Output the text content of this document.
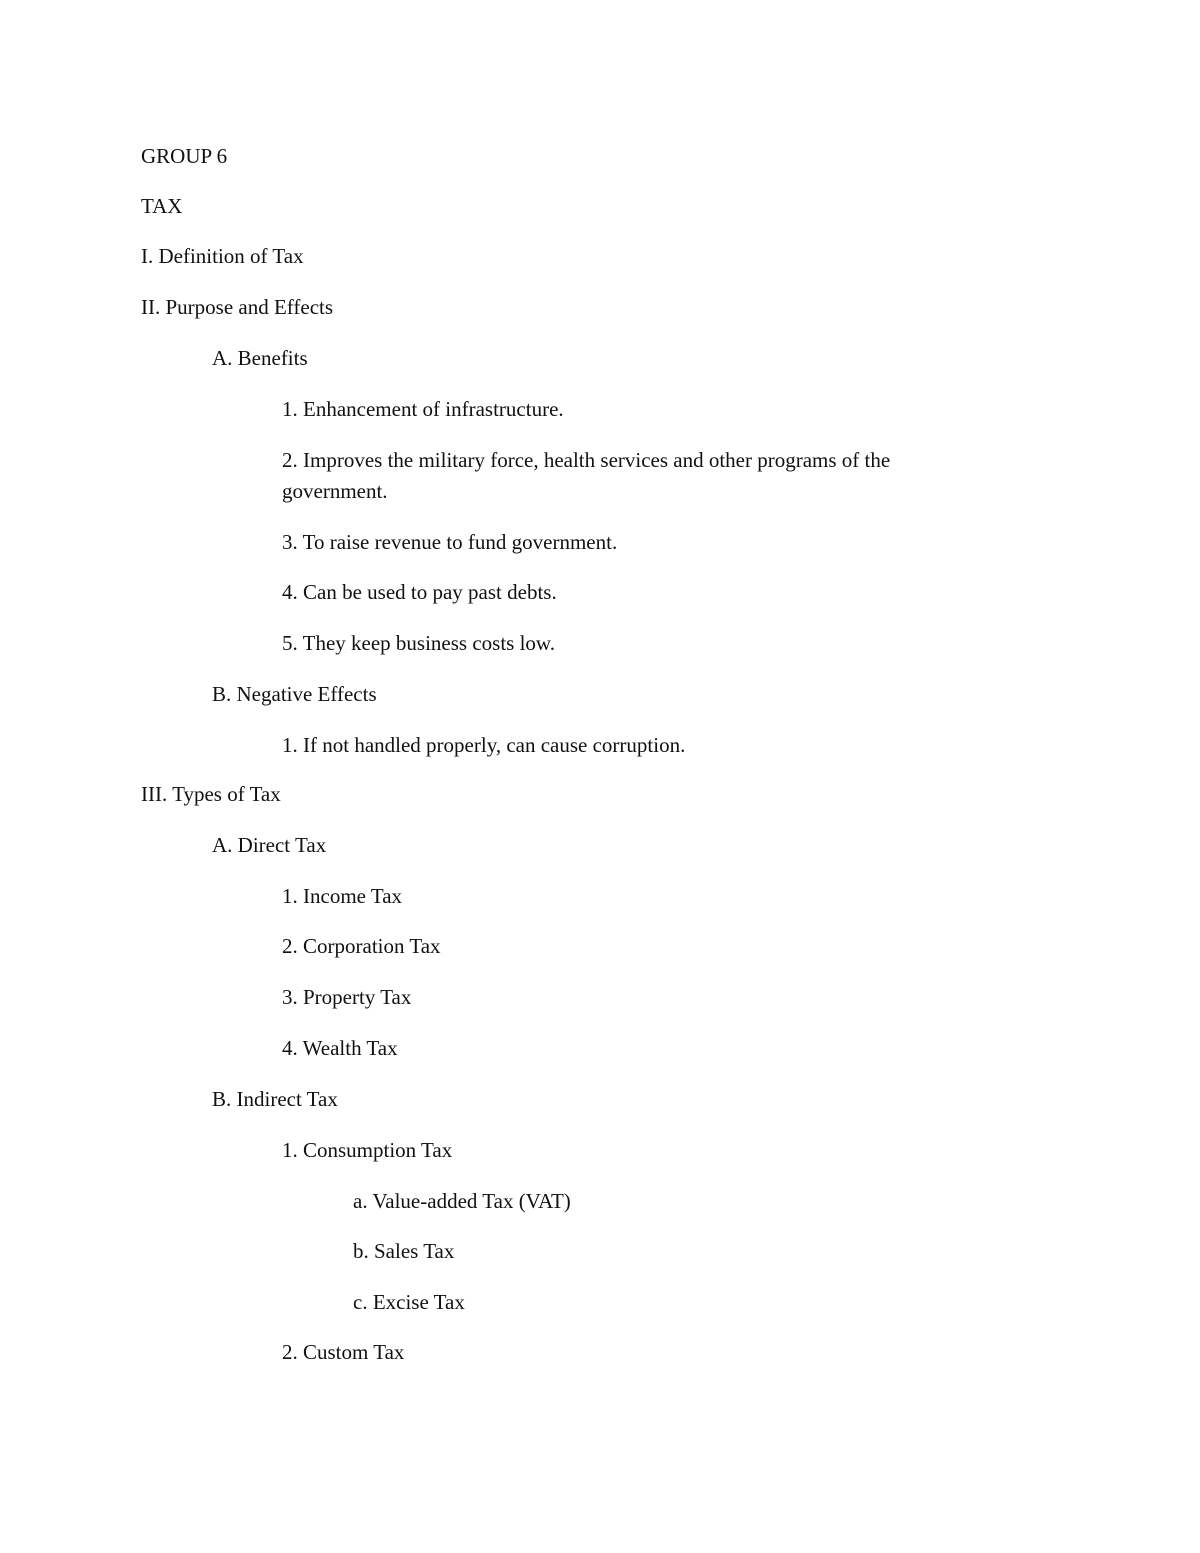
GROUP 6
TAX
I. Definition of Tax
II. Purpose and Effects
A. Benefits
1. Enhancement of infrastructure.
2. Improves the military force, health services and other programs of the government.
3. To raise revenue to fund government.
4. Can be used to pay past debts.
5. They keep business costs low.
B. Negative Effects
1. If not handled properly, can cause corruption.
III. Types of Tax
A. Direct Tax
1. Income Tax
2. Corporation Tax
3. Property Tax
4. Wealth Tax
B. Indirect Tax
1. Consumption Tax
a. Value-added Tax (VAT)
b. Sales Tax
c. Excise Tax
2. Custom Tax
